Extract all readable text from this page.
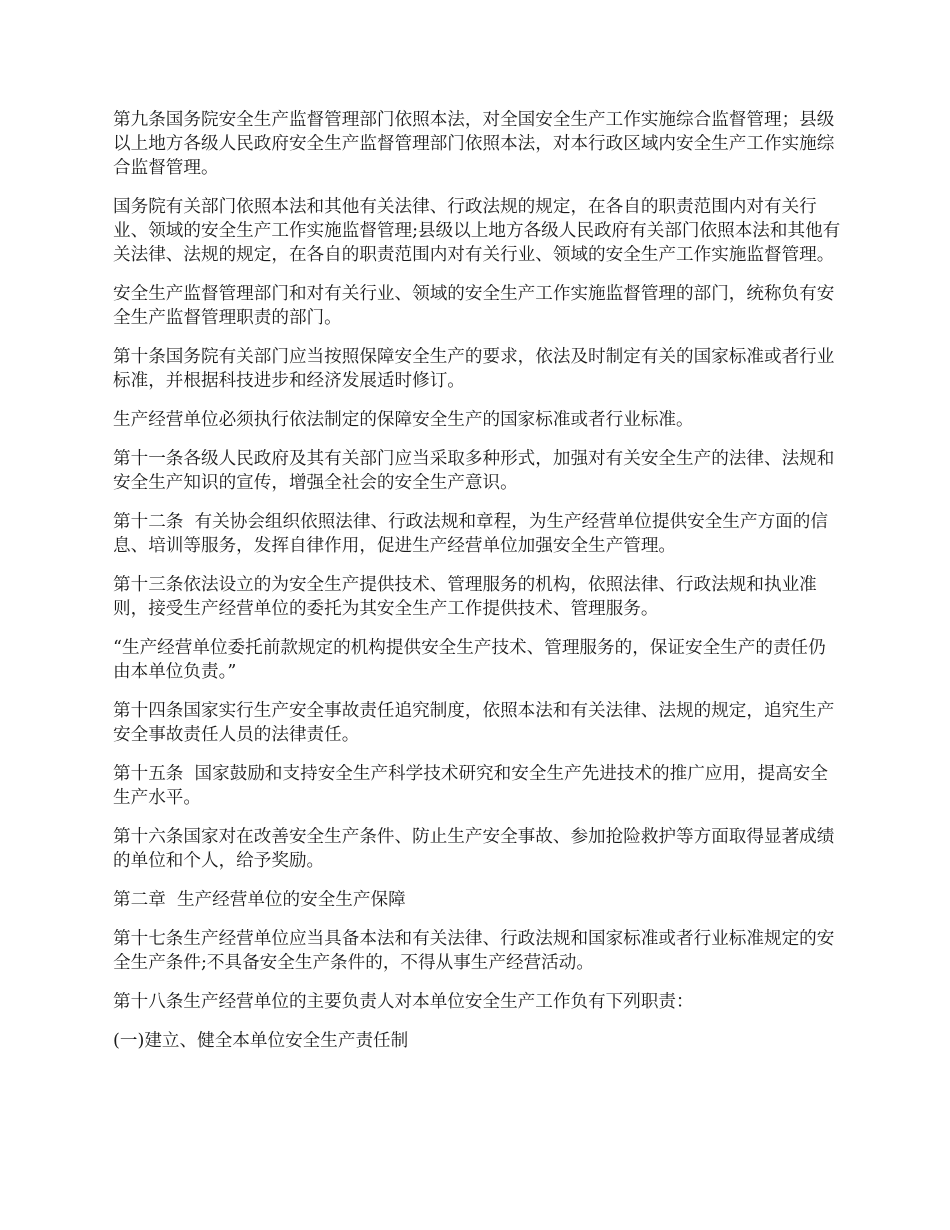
第九条国务院安全生产监督管理部门依照本法，对全国安全生产工作实施综合监督管理；县级以上地方各级人民政府安全生产监督管理部门依照本法，对本行政区域内安全生产工作实施综合监督管理。

国务院有关部门依照本法和其他有关法律、行政法规的规定，在各自的职责范围内对有关行业、领域的安全生产工作实施监督管理;县级以上地方各级人民政府有关部门依照本法和其他有关法律、法规的规定，在各自的职责范围内对有关行业、领域的安全生产工作实施监督管理。

安全生产监督管理部门和对有关行业、领域的安全生产工作实施监督管理的部门，统称负有安全生产监督管理职责的部门。

第十条国务院有关部门应当按照保障安全生产的要求，依法及时制定有关的国家标准或者行业标准，并根据科技进步和经济发展适时修订。

生产经营单位必须执行依法制定的保障安全生产的国家标准或者行业标准。

第十一条各级人民政府及其有关部门应当采取多种形式，加强对有关安全生产的法律、法规和安全生产知识的宣传，增强全社会的安全生产意识。

第十二条  有关协会组织依照法律、行政法规和章程，为生产经营单位提供安全生产方面的信息、培训等服务，发挥自律作用，促进生产经营单位加强安全生产管理。

第十三条依法设立的为安全生产提供技术、管理服务的机构，依照法律、行政法规和执业准则，接受生产经营单位的委托为其安全生产工作提供技术、管理服务。

“生产经营单位委托前款规定的机构提供安全生产技术、管理服务的，保证安全生产的责任仍由本单位负责。”

第十四条国家实行生产安全事故责任追究制度，依照本法和有关法律、法规的规定，追究生产安全事故责任人员的法律责任。

第十五条  国家鼓励和支持安全生产科学技术研究和安全生产先进技术的推广应用，提高安全生产水平。

第十六条国家对在改善安全生产条件、防止生产安全事故、参加抢险救护等方面取得显著成绩的单位和个人，给予奖励。

第二章  生产经营单位的安全生产保障

第十七条生产经营单位应当具备本法和有关法律、行政法规和国家标准或者行业标准规定的安全生产条件;不具备安全生产条件的，不得从事生产经营活动。

第十八条生产经营单位的主要负责人对本单位安全生产工作负有下列职责：

(一)建立、健全本单位安全生产责任制
